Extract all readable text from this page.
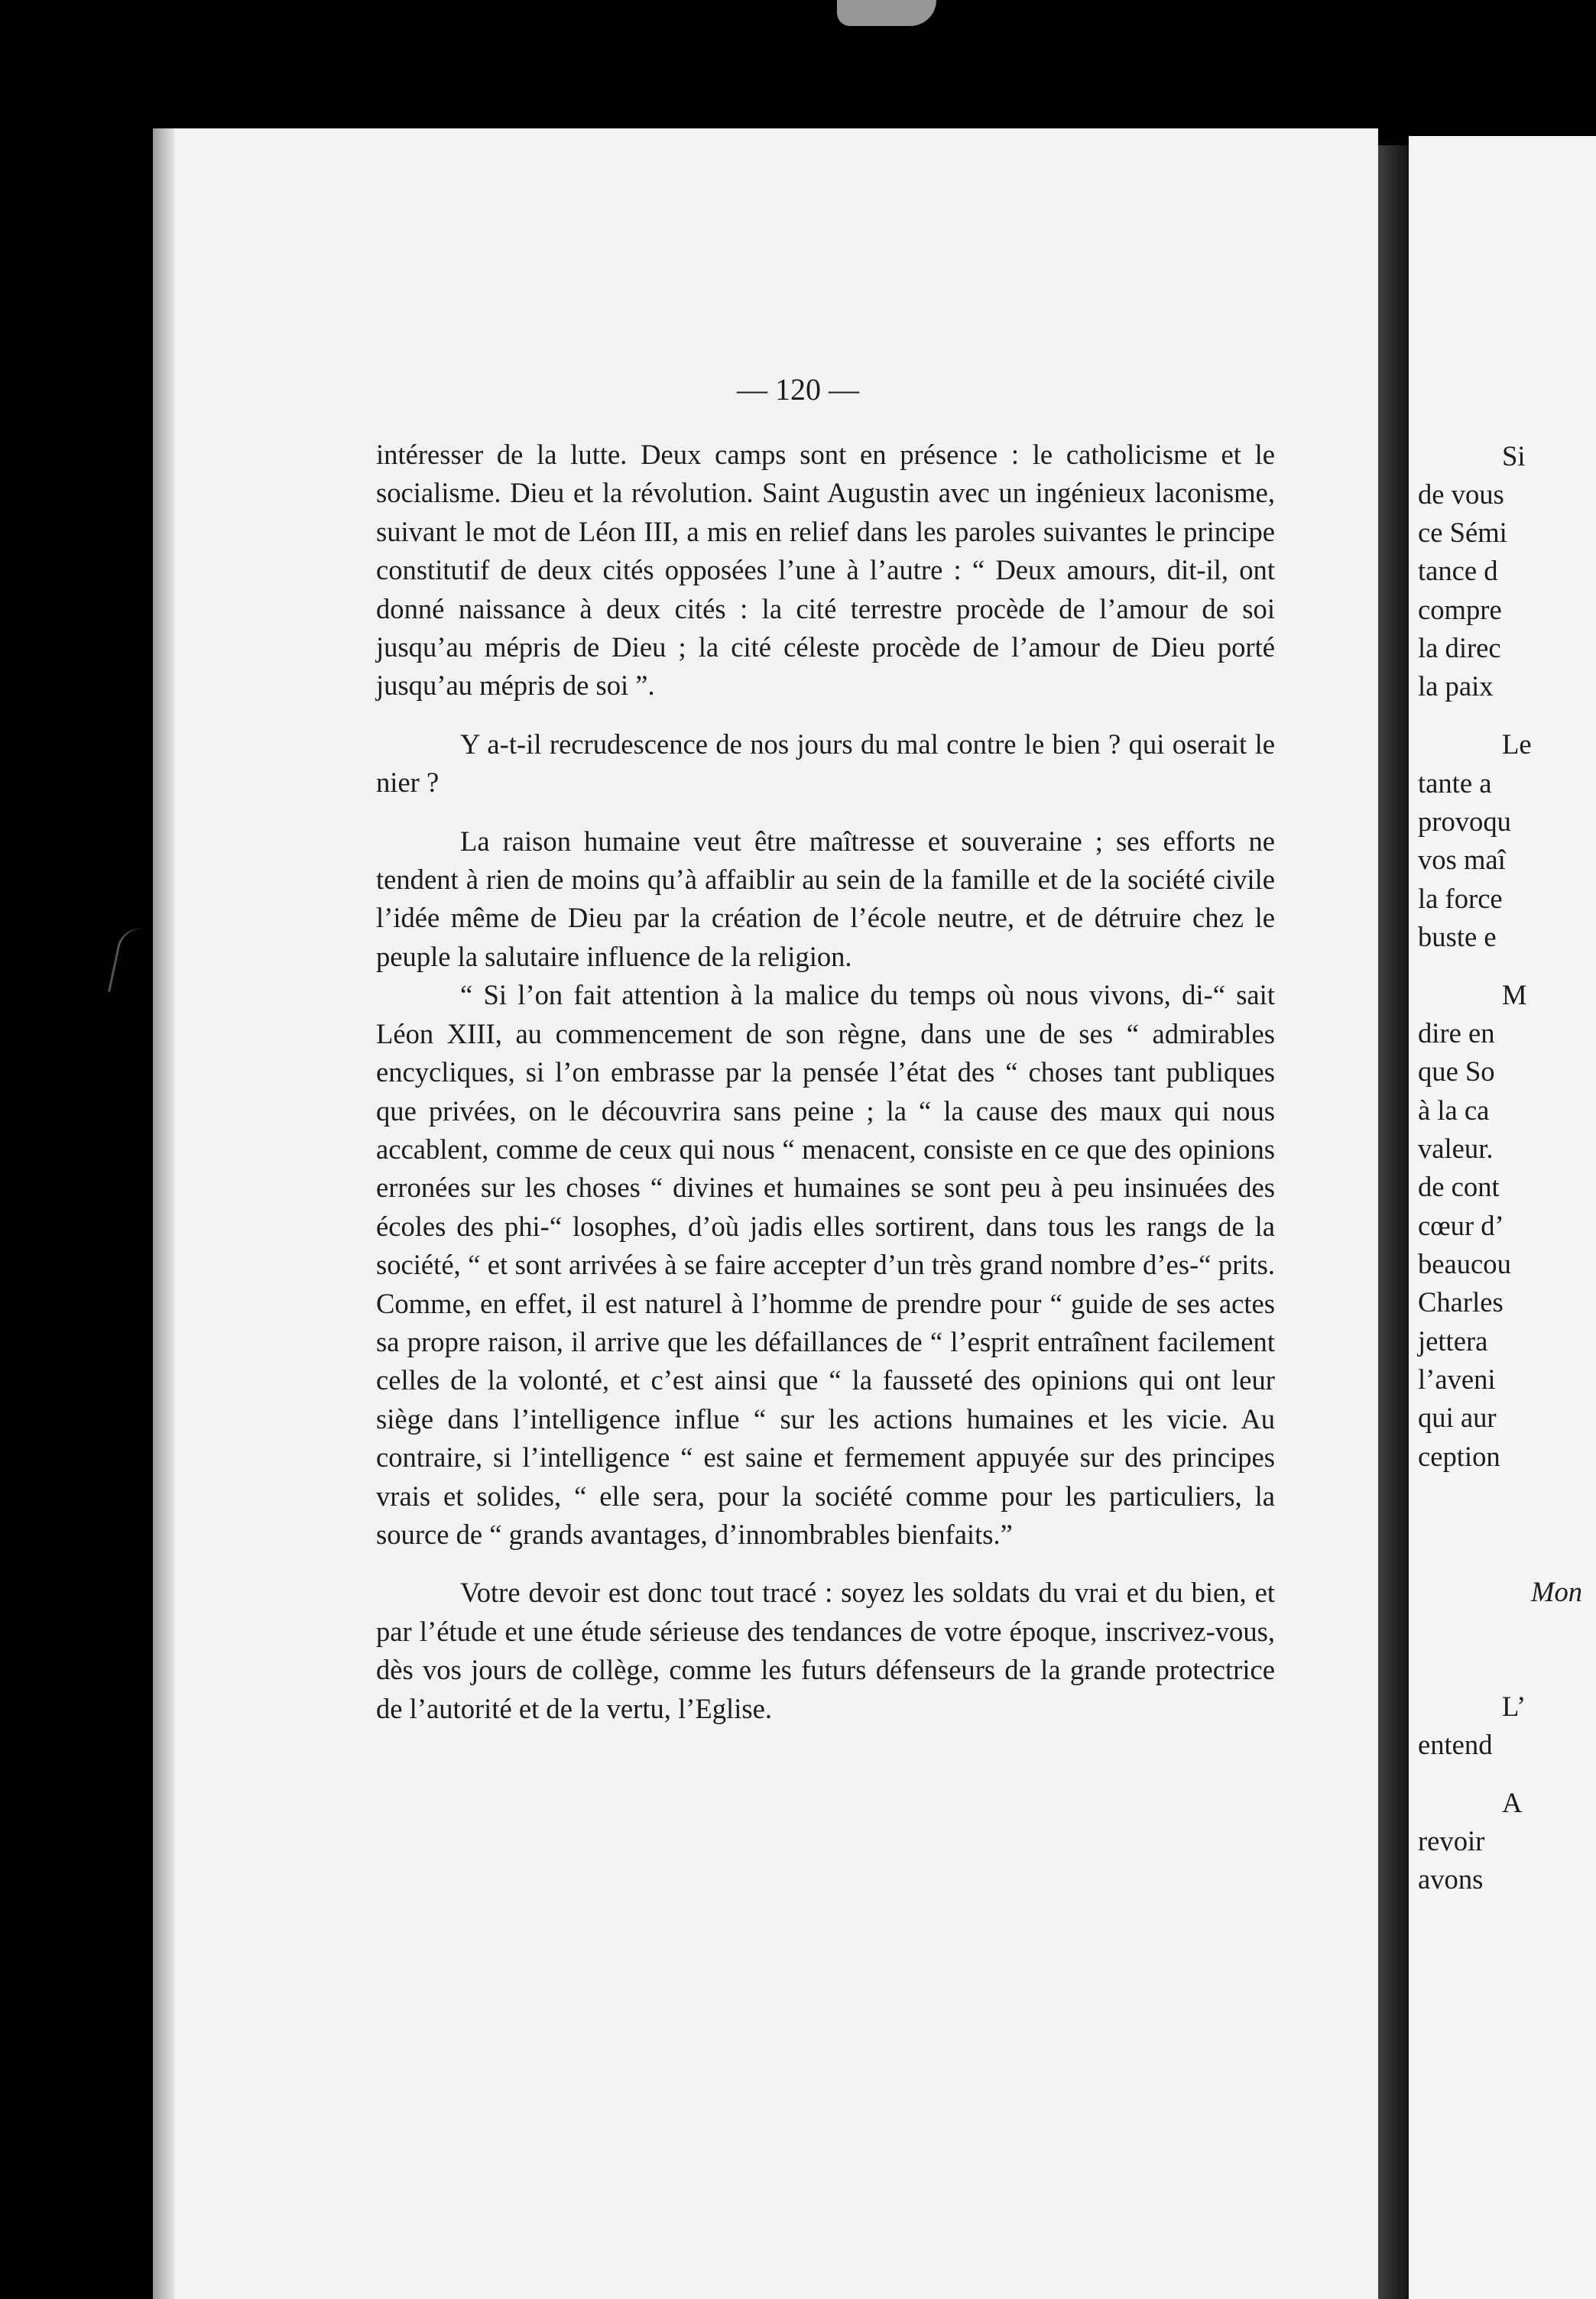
— 120 —

intéresser de la lutte. Deux camps sont en présence : le catholicisme et le socialisme. Dieu et la révolution. Saint Augustin avec un ingénieux laconisme, suivant le mot de Léon III, a mis en relief dans les paroles suivantes le principe constitutif de deux cités opposées l’une à l’autre : “ Deux amours, dit-il, ont donné naissance à deux cités : la cité terrestre procède de l’amour de soi jusqu’au mépris de Dieu ; la cité céleste procède de l’amour de Dieu porté jusqu’au mépris de soi ”.

Y a-t-il recrudescence de nos jours du mal contre le bien ? qui oserait le nier ?

La raison humaine veut être maîtresse et souveraine ; ses efforts ne tendent à rien de moins qu’à affaiblir au sein de la famille et de la société civile l’idée même de Dieu par la création de l’école neutre, et de détruire chez le peuple la salutaire influence de la religion.

“ Si l’on fait attention à la malice du temps où nous vivons, di-“ sait Léon XIII, au commencement de son règne, dans une de ses “ admirables encycliques, si l’on embrasse par la pensée l’état des “ choses tant publiques que privées, on le découvrira sans peine ; la “ la cause des maux qui nous accablent, comme de ceux qui nous “ menacent, consiste en ce que des opinions erronées sur les choses “ divines et humaines se sont peu à peu insinuées des écoles des phi-“ losophes, d’où jadis elles sortirent, dans tous les rangs de la société, “ et sont arrivées à se faire accepter d’un très grand nombre d’es-“ prits. Comme, en effet, il est naturel à l’homme de prendre pour “ guide de ses actes sa propre raison, il arrive que les défaillances de “ l’esprit entraînent facilement celles de la volonté, et c’est ainsi que “ la fausseté des opinions qui ont leur siège dans l’intelligence influe “ sur les actions humaines et les vicie. Au contraire, si l’intelligence “ est saine et fermement appuyée sur des principes vrais et solides, “ elle sera, pour la société comme pour les particuliers, la source de “ grands avantages, d’innombrables bienfaits.”

Votre devoir est donc tout tracé : soyez les soldats du vrai et du bien, et par l’étude et une étude sérieuse des tendances de votre époque, inscrivez-vous, dès vos jours de collège, comme les futurs défenseurs de la grande protectrice de l’autorité et de la vertu, l’Eglise.

Si
de vous
ce Sémi
tance d
compre
la direc
la paix
Le
tante a
provoqu
vos maî
la force
buste e
M
dire en
que So
à la ca
valeur.
de cont
cœur d’
beaucou
Charles
jettera
l’aveni
qui aur
ception
Mon
L’
entend
A
revoir
avons
